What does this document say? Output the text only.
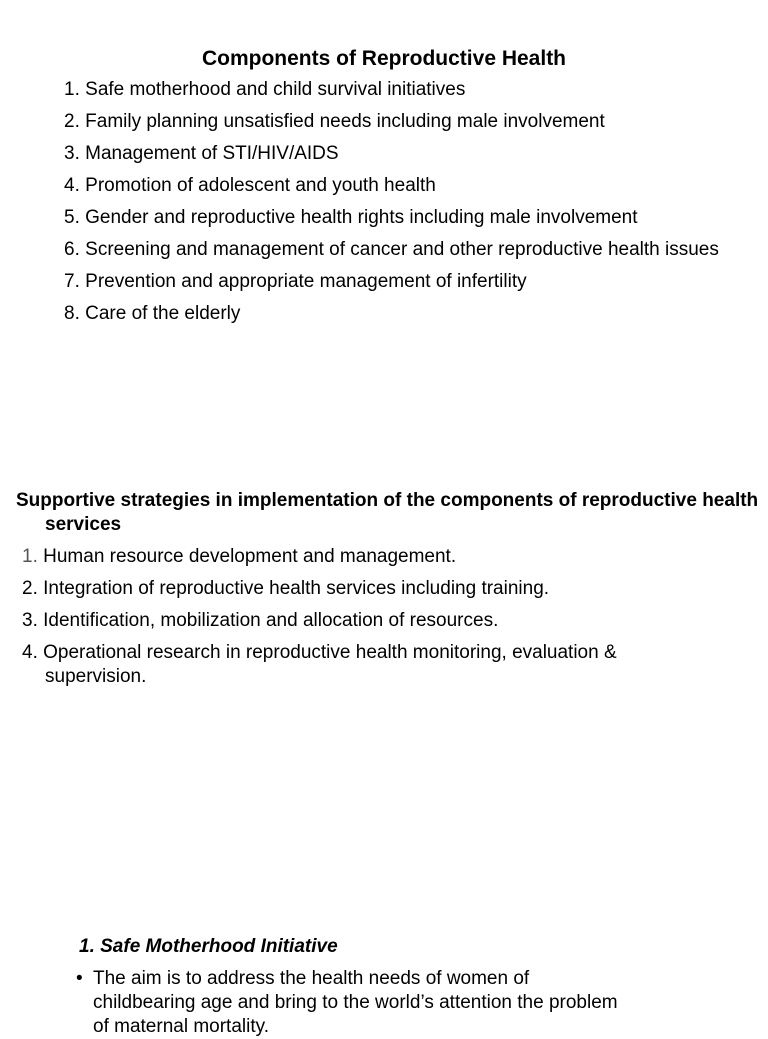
Components of Reproductive Health
1. Safe motherhood and child survival initiatives
2. Family planning unsatisfied needs including male involvement
3. Management of STI/HIV/AIDS
4. Promotion of adolescent and youth health
5. Gender and reproductive health rights including male involvement
6. Screening and management of cancer and other reproductive health issues
7. Prevention and appropriate management of infertility
8. Care of the elderly
Supportive strategies in implementation of the components of reproductive health services
1. Human resource development and management.
2. Integration of reproductive health services including training.
3. Identification, mobilization and allocation of resources.
4. Operational research in reproductive health monitoring, evaluation & supervision.
1. Safe Motherhood Initiative
• The aim is to address the health needs of women of childbearing age and bring to the world’s attention the problem of maternal mortality.
